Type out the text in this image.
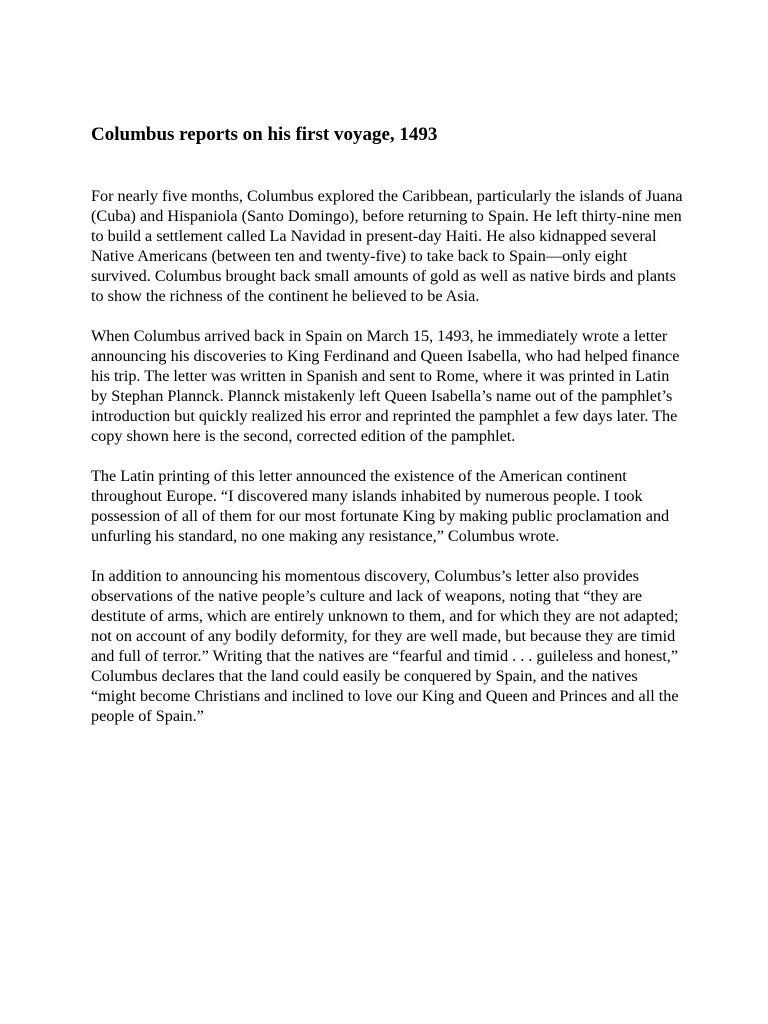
Columbus reports on his first voyage, 1493

For nearly five months, Columbus explored the Caribbean, particularly the islands of Juana (Cuba) and Hispaniola (Santo Domingo), before returning to Spain. He left thirty-nine men to build a settlement called La Navidad in present-day Haiti. He also kidnapped several Native Americans (between ten and twenty-five) to take back to Spain—only eight survived. Columbus brought back small amounts of gold as well as native birds and plants to show the richness of the continent he believed to be Asia.

When Columbus arrived back in Spain on March 15, 1493, he immediately wrote a letter announcing his discoveries to King Ferdinand and Queen Isabella, who had helped finance his trip. The letter was written in Spanish and sent to Rome, where it was printed in Latin by Stephan Plannck. Plannck mistakenly left Queen Isabella’s name out of the pamphlet’s introduction but quickly realized his error and reprinted the pamphlet a few days later. The copy shown here is the second, corrected edition of the pamphlet.

The Latin printing of this letter announced the existence of the American continent throughout Europe. “I discovered many islands inhabited by numerous people. I took possession of all of them for our most fortunate King by making public proclamation and unfurling his standard, no one making any resistance,” Columbus wrote.

In addition to announcing his momentous discovery, Columbus’s letter also provides observations of the native people’s culture and lack of weapons, noting that “they are destitute of arms, which are entirely unknown to them, and for which they are not adapted; not on account of any bodily deformity, for they are well made, but because they are timid and full of terror.” Writing that the natives are “fearful and timid . . . guileless and honest,” Columbus declares that the land could easily be conquered by Spain, and the natives “might become Christians and inclined to love our King and Queen and Princes and all the people of Spain.”
